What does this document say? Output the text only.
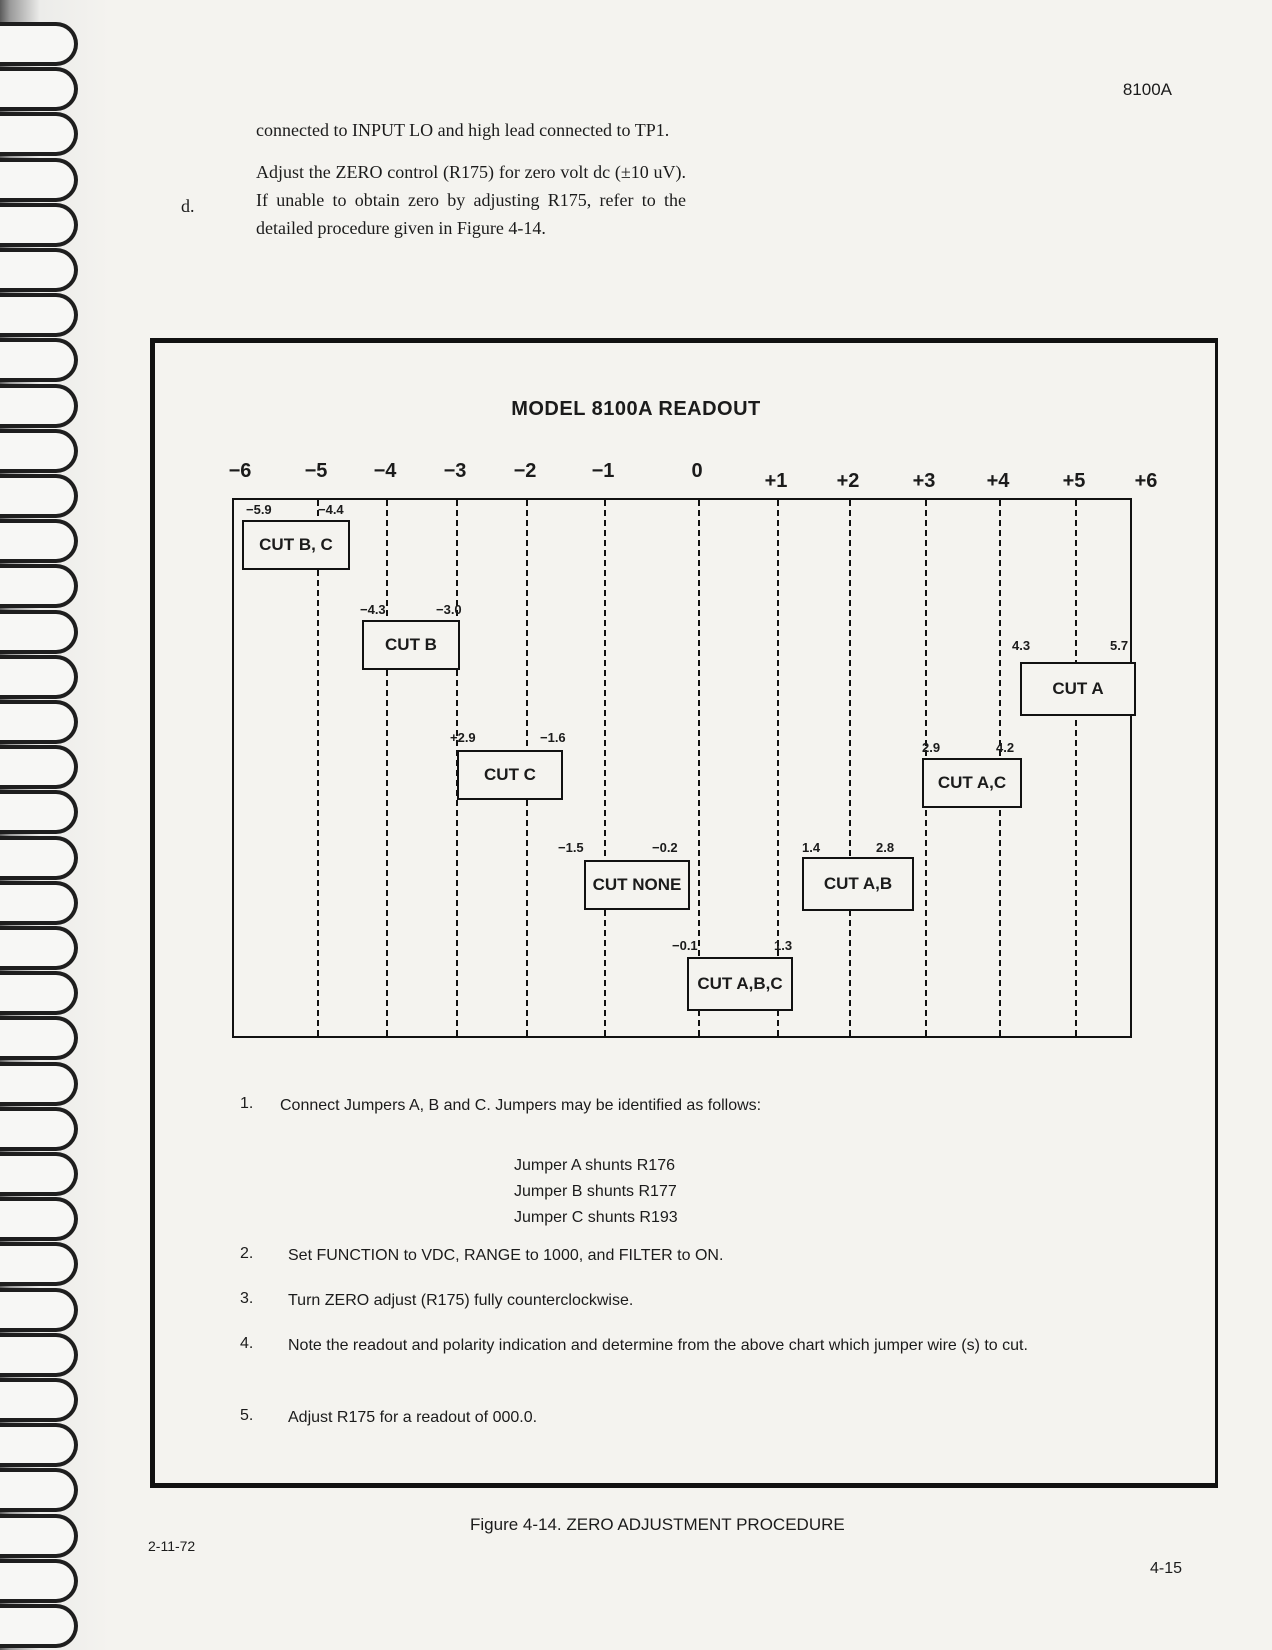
8100A
connected to INPUT LO and high lead connected to TP1.
d.
Adjust the ZERO control (R175) for zero volt dc (±10 uV). If unable to obtain zero by adjusting R175, refer to the detailed procedure given in Figure 4-14.
MODEL 8100A READOUT
−6	−5 −4 −3 −2	−1	0	+1 +2	+3	+4	+5 +6
CUT B, C
−5.9	−4.4
CUT B
−4.3	−3.0
CUT C
+2.9	−1.6
CUT NONE
−1.5	−0.2
CUT A,B,C
−0.1	1.3
CUT A,B
1.4	2.8
CUT A,C
2.9	4.2
CUT A
4.3	5.7
1.	Connect Jumpers A, B and C. Jumpers may be identified as follows:
2.	Set FUNCTION to VDC, RANGE to 1000, and FILTER to ON.
3.	Turn ZERO adjust (R175) fully counterclockwise.
4.	Note the readout and polarity indication and determine from the above chart which jumper wire (s) to cut.
5.	Adjust R175 for a readout of 000.0.
Jumper A shunts R176
Jumper B shunts R177
Jumper C shunts R193
Figure 4-14. ZERO ADJUSTMENT PROCEDURE
2-11-72
4-15
